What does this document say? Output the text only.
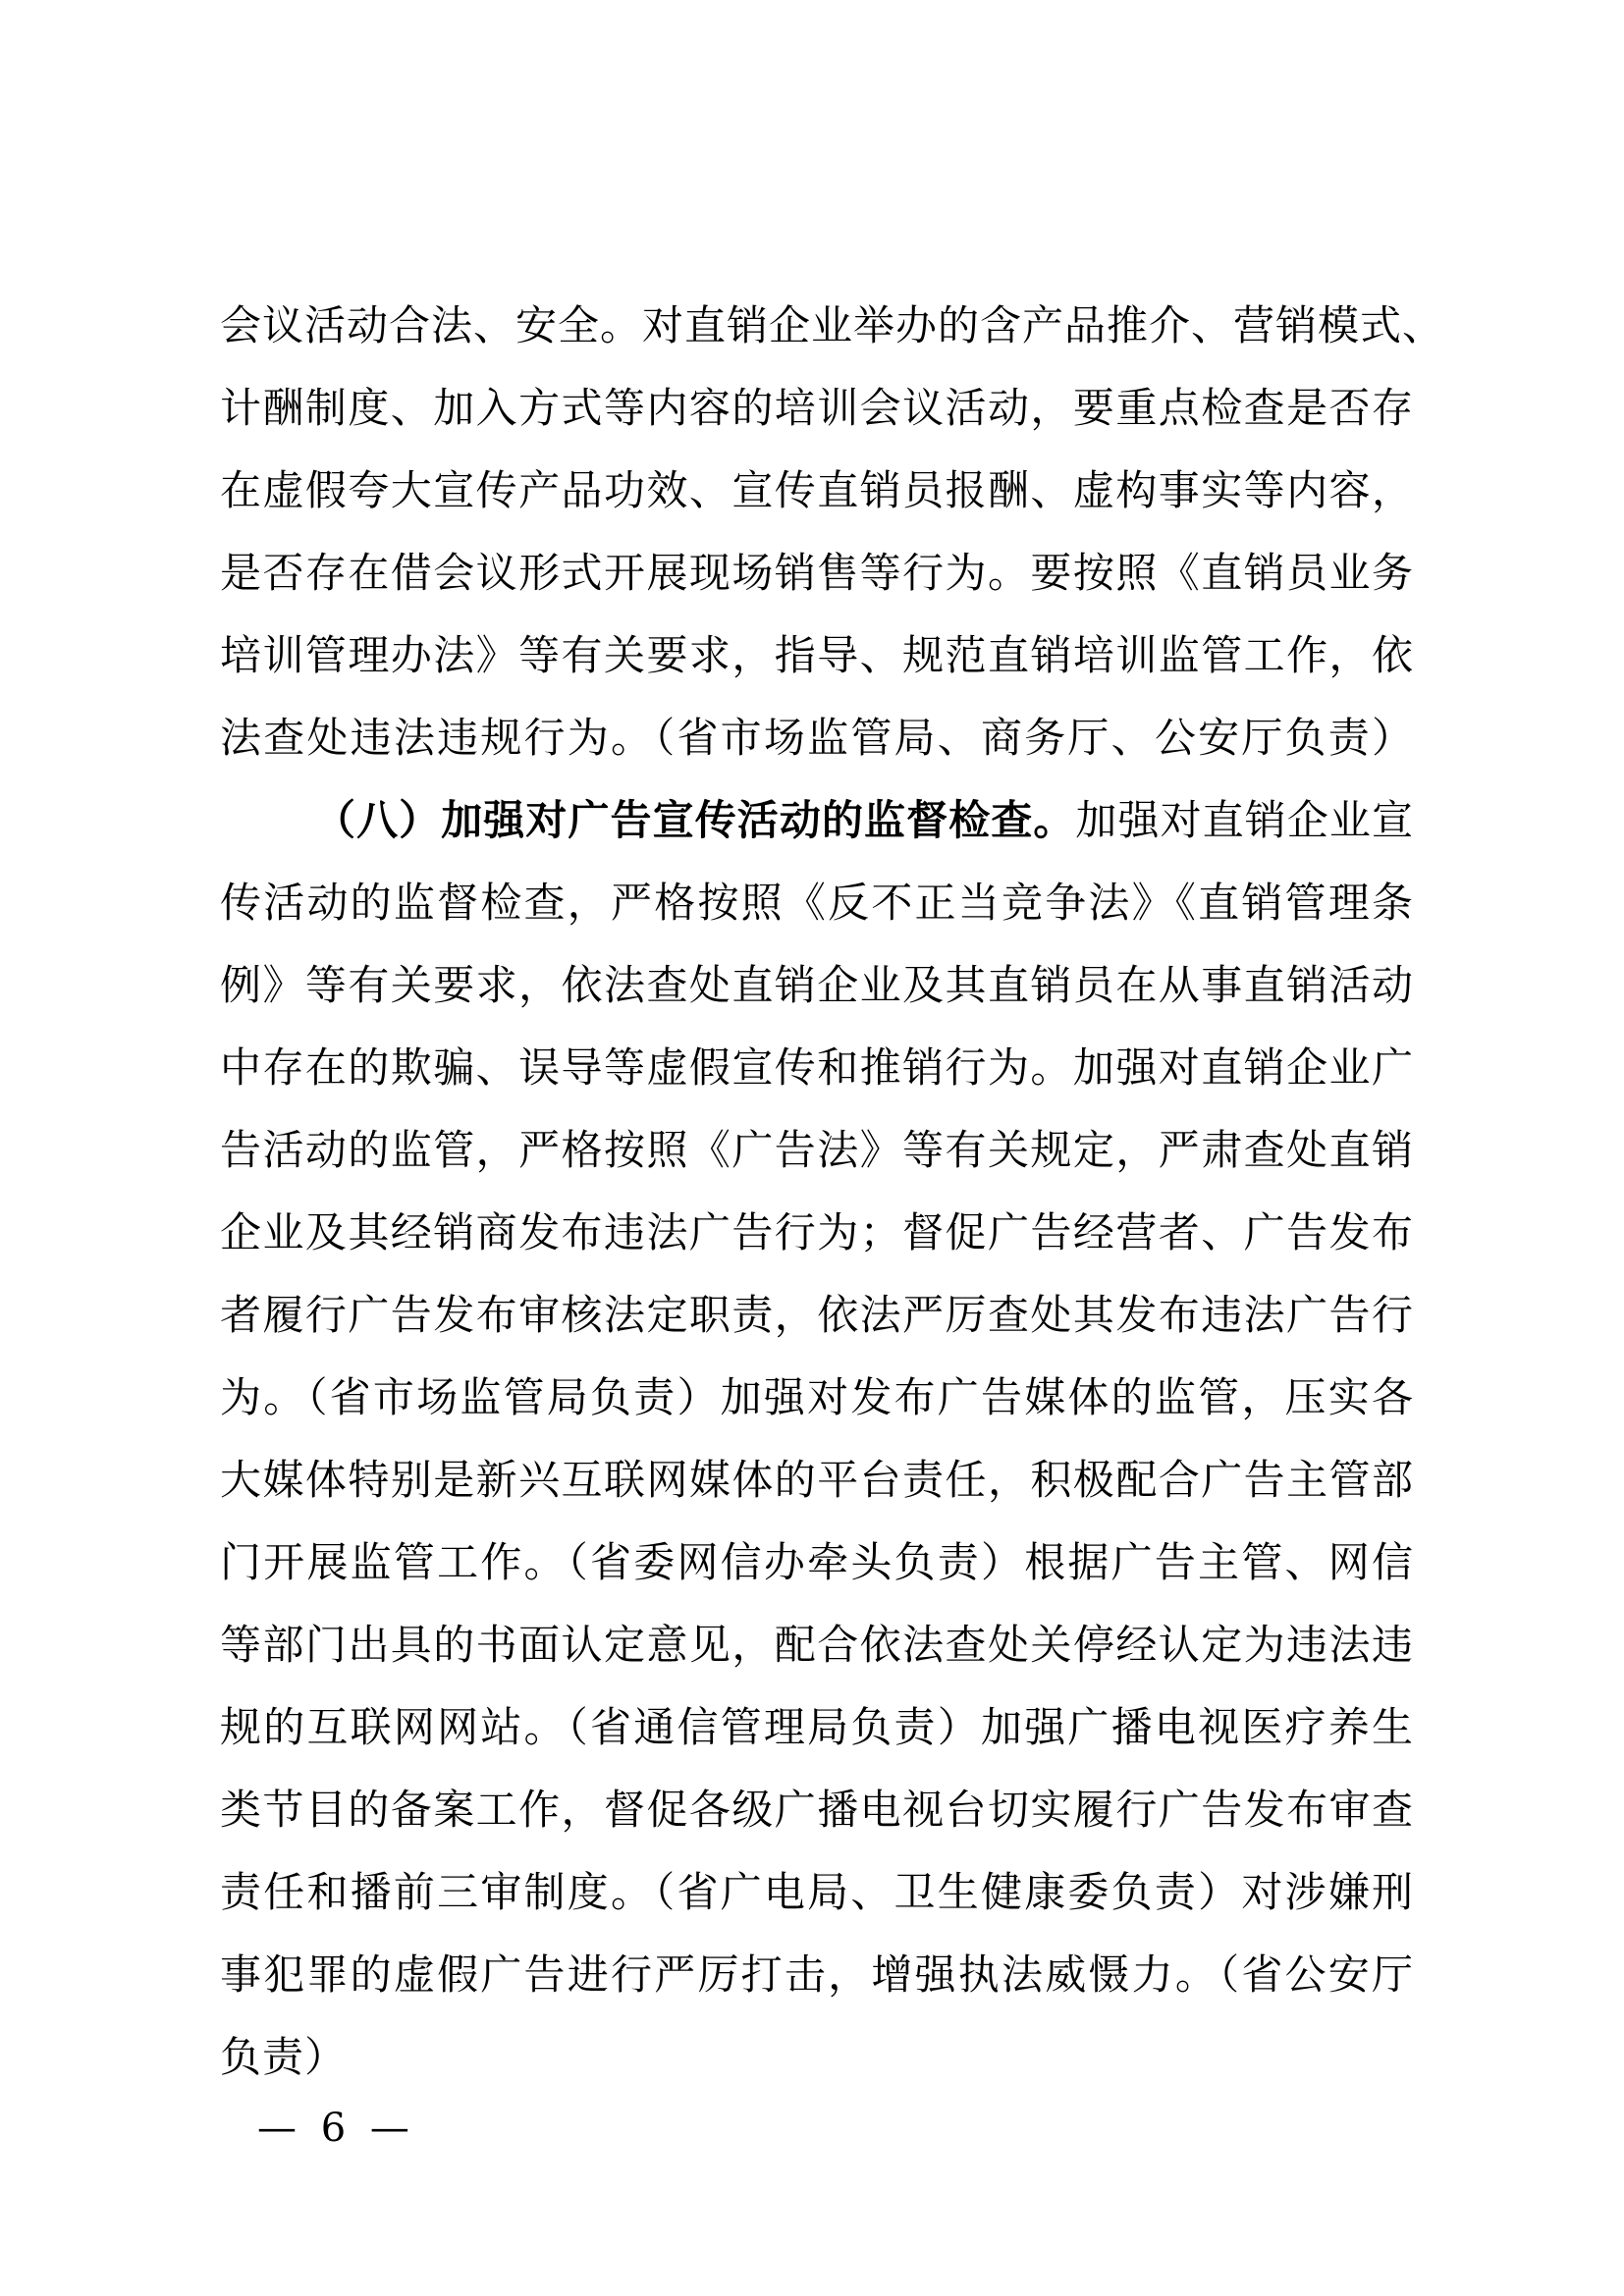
会议活动合法、安全。对直销企业举办的含产品推介、营销模式、
计酬制度、加入方式等内容的培训会议活动，要重点检查是否存
在虚假夸大宣传产品功效、宣传直销员报酬、虚构事实等内容，
是否存在借会议形式开展现场销售等行为。要按照《直销员业务
培训管理办法》等有关要求，指导、规范直销培训监管工作，依
法查处违法违规行为。（省市场监管局、商务厅、公安厅负责）
（八）加强对广告宣传活动的监督检查。加强对直销企业宣
传活动的监督检查，严格按照《反不正当竞争法》《直销管理条
例》等有关要求，依法查处直销企业及其直销员在从事直销活动
中存在的欺骗、误导等虚假宣传和推销行为。加强对直销企业广
告活动的监管，严格按照《广告法》等有关规定，严肃查处直销
企业及其经销商发布违法广告行为；督促广告经营者、广告发布
者履行广告发布审核法定职责，依法严厉查处其发布违法广告行
为。（省市场监管局负责）加强对发布广告媒体的监管，压实各
大媒体特别是新兴互联网媒体的平台责任，积极配合广告主管部
门开展监管工作。（省委网信办牵头负责）根据广告主管、网信
等部门出具的书面认定意见，配合依法查处关停经认定为违法违
规的互联网网站。（省通信管理局负责）加强广播电视医疗养生
类节目的备案工作，督促各级广播电视台切实履行广告发布审查
责任和播前三审制度。（省广电局、卫生健康委负责）对涉嫌刑
事犯罪的虚假广告进行严厉打击，增强执法威慑力。（省公安厅
负责）
— 6 —
